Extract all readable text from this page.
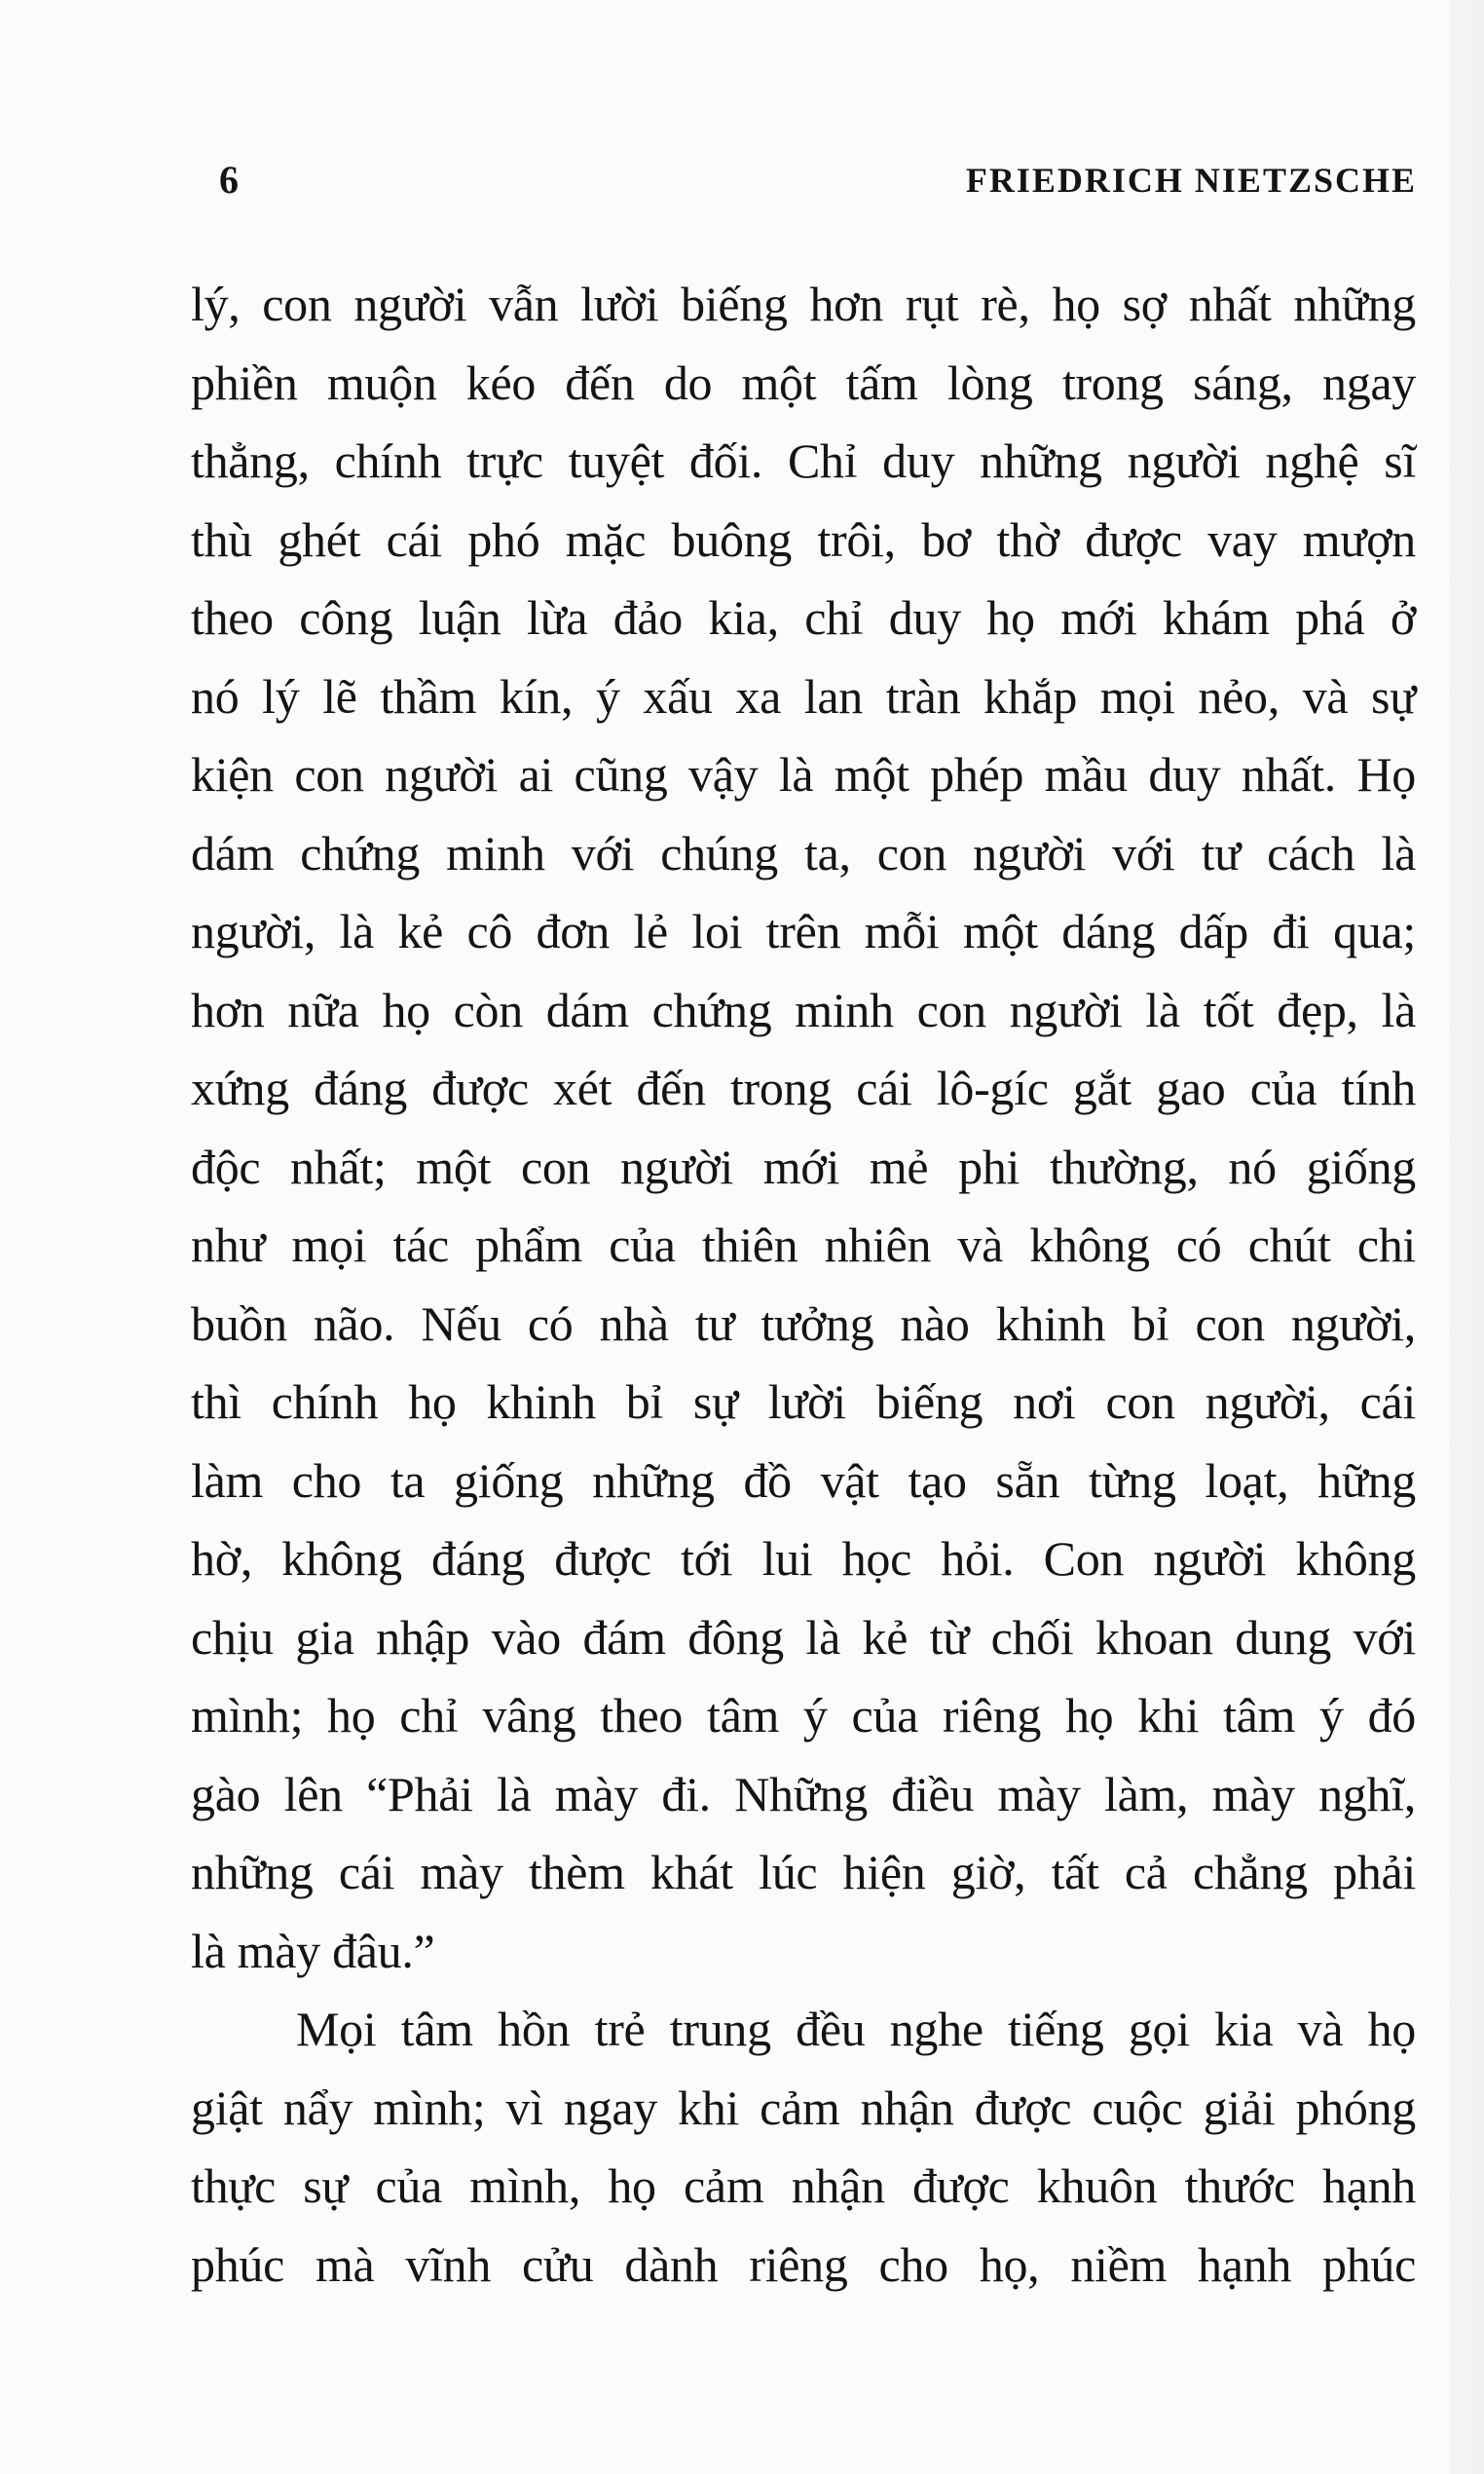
6	FRIEDRICH NIETZSCHE
lý, con người vẫn lười biếng hơn rụt rè, họ sợ nhất những
phiền muộn kéo đến do một tấm lòng trong sáng, ngay
thẳng, chính trực tuyệt đối. Chỉ duy những người nghệ sĩ
thù ghét cái phó mặc buông trôi, bơ thờ được vay mượn
theo công luận lừa đảo kia, chỉ duy họ mới khám phá ở
nó lý lẽ thầm kín, ý xấu xa lan tràn khắp mọi nẻo, và sự
kiện con người ai cũng vậy là một phép mầu duy nhất. Họ
dám chứng minh với chúng ta, con người với tư cách là
người, là kẻ cô đơn lẻ loi trên mỗi một dáng dấp đi qua;
hơn nữa họ còn dám chứng minh con người là tốt đẹp, là
xứng đáng được xét đến trong cái lô-gíc gắt gao của tính
độc nhất; một con người mới mẻ phi thường, nó giống
như mọi tác phẩm của thiên nhiên và không có chút chi
buồn não. Nếu có nhà tư tưởng nào khinh bỉ con người,
thì chính họ khinh bỉ sự lười biếng nơi con người, cái
làm cho ta giống những đồ vật tạo sẵn từng loạt, hững
hờ, không đáng được tới lui học hỏi. Con người không
chịu gia nhập vào đám đông là kẻ từ chối khoan dung với
mình; họ chỉ vâng theo tâm ý của riêng họ khi tâm ý đó
gào lên “Phải là mày đi. Những điều mày làm, mày nghĩ,
những cái mày thèm khát lúc hiện giờ, tất cả chẳng phải
là mày đâu.”
Mọi tâm hồn trẻ trung đều nghe tiếng gọi kia và họ
giật nẩy mình; vì ngay khi cảm nhận được cuộc giải phóng
thực sự của mình, họ cảm nhận được khuôn thước hạnh
phúc mà vĩnh cửu dành riêng cho họ, niềm hạnh phúc
